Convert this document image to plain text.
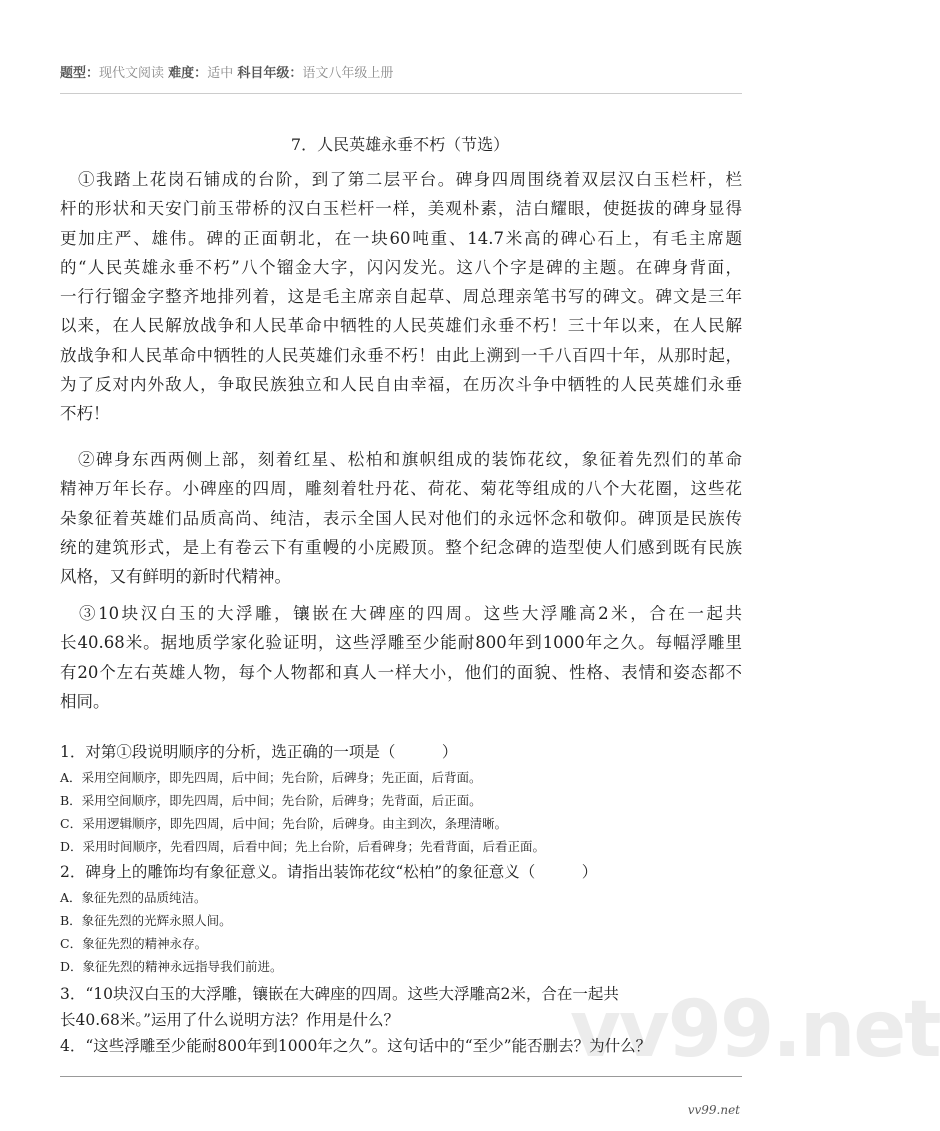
题型：现代文阅读 难度：适中 科目年级：语文八年级上册
7．人民英雄永垂不朽（节选）
　①我踏上花岗石铺成的台阶，到了第二层平台。碑身四周围绕着双层汉白玉栏杆，栏
杆的形状和天安门前玉带桥的汉白玉栏杆一样，美观朴素，洁白耀眼，使挺拔的碑身显得
更加庄严、雄伟。碑的正面朝北，在一块60吨重、14.7米高的碑心石上，有毛主席题
的“人民英雄永垂不朽”八个镏金大字，闪闪发光。这八个字是碑的主题。在碑身背面，
一行行镏金字整齐地排列着，这是毛主席亲自起草、周总理亲笔书写的碑文。碑文是三年
以来，在人民解放战争和人民革命中牺牲的人民英雄们永垂不朽！三十年以来，在人民解
放战争和人民革命中牺牲的人民英雄们永垂不朽！由此上溯到一千八百四十年，从那时起，
为了反对内外敌人，争取民族独立和人民自由幸福，在历次斗争中牺牲的人民英雄们永垂
不朽！
　②碑身东西两侧上部，刻着红星、松柏和旗帜组成的装饰花纹，象征着先烈们的革命
精神万年长存。小碑座的四周，雕刻着牡丹花、荷花、菊花等组成的八个大花圈，这些花
朵象征着英雄们品质高尚、纯洁，表示全国人民对他们的永远怀念和敬仰。碑顶是民族传
统的建筑形式，是上有卷云下有重幔的小庑殿顶。整个纪念碑的造型使人们感到既有民族
风格，又有鲜明的新时代精神。
　③10块汉白玉的大浮雕，镶嵌在大碑座的四周。这些大浮雕高2米，合在一起共
长40.68米。据地质学家化验证明，这些浮雕至少能耐800年到1000年之久。每幅浮雕里
有20个左右英雄人物，每个人物都和真人一样大小，他们的面貌、性格、表情和姿态都不
相同。
vv99.net
1．对第①段说明顺序的分析，选正确的一项是（　　　）
A．采用空间顺序，即先四周，后中间；先台阶，后碑身；先正面，后背面。
B．采用空间顺序，即先四周，后中间；先台阶，后碑身；先背面，后正面。
C．采用逻辑顺序，即先四周，后中间；先台阶，后碑身。由主到次，条理清晰。
D．采用时间顺序，先看四周，后看中间；先上台阶，后看碑身；先看背面，后看正面。
2．碑身上的雕饰均有象征意义。请指出装饰花纹“松柏”的象征意义（　　　）
A．象征先烈的品质纯洁。
B．象征先烈的光辉永照人间。
C．象征先烈的精神永存。
D．象征先烈的精神永远指导我们前进。
3．“10块汉白玉的大浮雕，镶嵌在大碑座的四周。这些大浮雕高2米，合在一起共
长40.68米。”运用了什么说明方法？作用是什么？
4．“这些浮雕至少能耐800年到1000年之久”。这句话中的“至少”能否删去？为什么？
vv99.net
